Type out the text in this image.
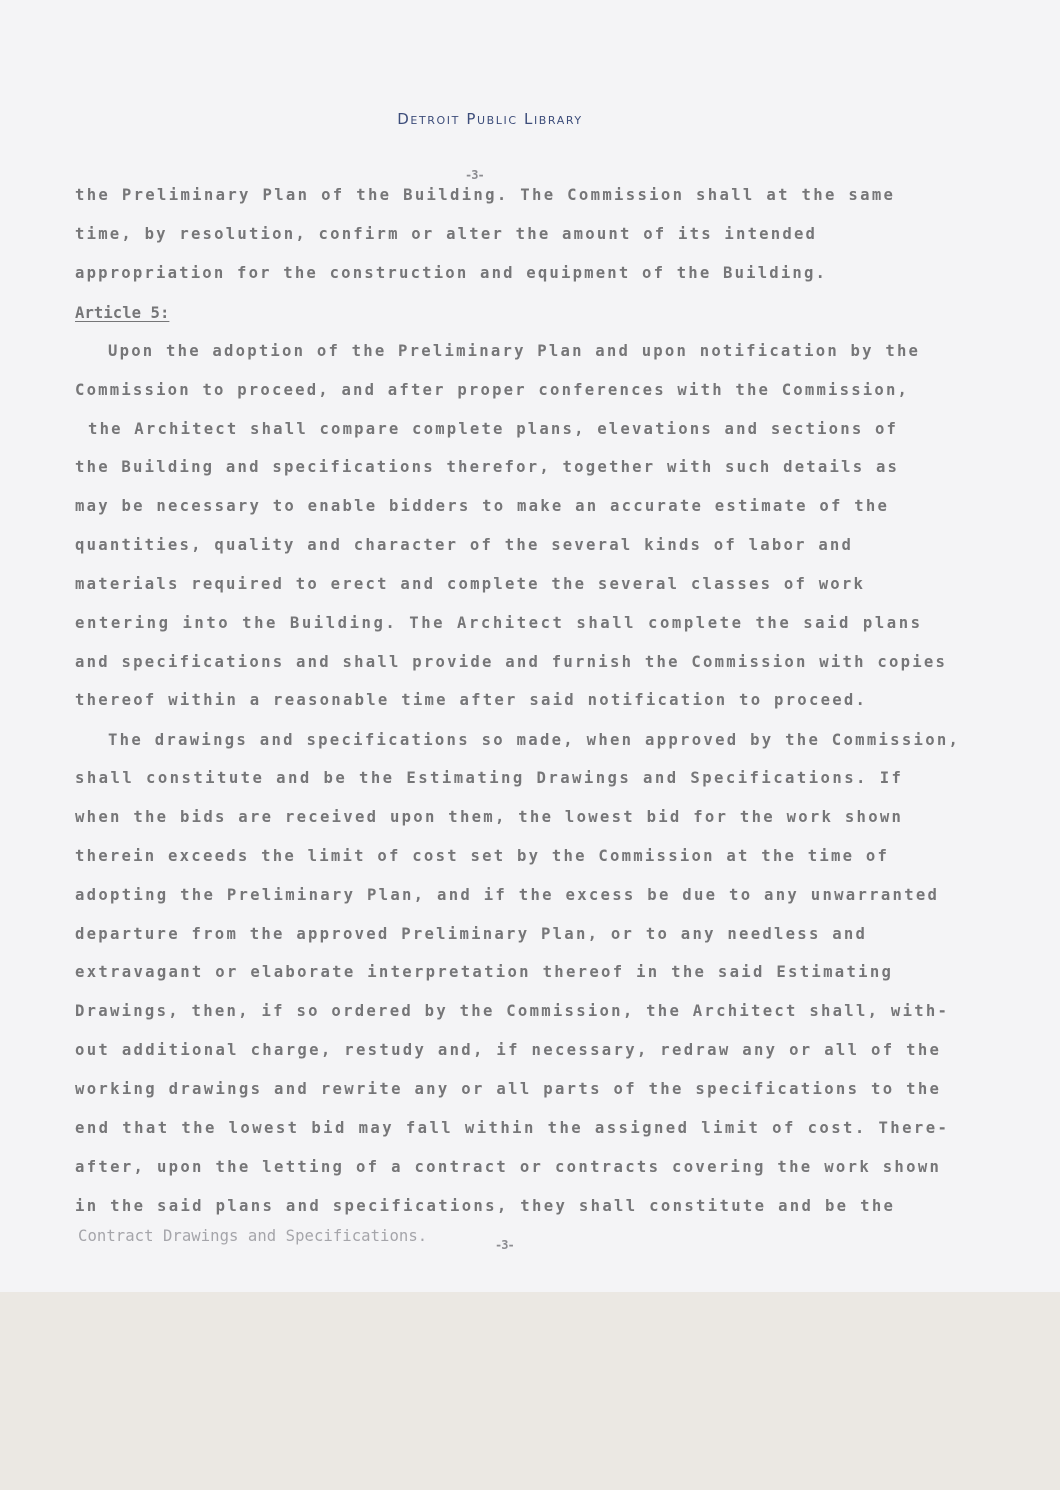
Detroit Public Library
-3-
the Preliminary Plan of the Building. The Commission shall at the same
time, by resolution, confirm or alter the amount of its intended
appropriation for the construction and equipment of the Building.
Article 5:
Upon the adoption of the Preliminary Plan and upon notification by the
Commission to proceed, and after proper conferences with the Commission,
the Architect shall compare complete plans, elevations and sections of
the Building and specifications therefor, together with such details as
may be necessary to enable bidders to make an accurate estimate of the
quantities, quality and character of the several kinds of labor and
materials required to erect and complete the several classes of work
entering into the Building. The Architect shall complete the said plans
and specifications and shall provide and furnish the Commission with copies
thereof within a reasonable time after said notification to proceed.
The drawings and specifications so made, when approved by the Commission,
shall constitute and be the Estimating Drawings and Specifications. If
when the bids are received upon them, the lowest bid for the work shown
therein exceeds the limit of cost set by the Commission at the time of
adopting the Preliminary Plan, and if the excess be due to any unwarranted
departure from the approved Preliminary Plan, or to any needless and
extravagant or elaborate interpretation thereof in the said Estimating
Drawings, then, if so ordered by the Commission, the Architect shall, with-
out additional charge, restudy and, if necessary, redraw any or all of the
working drawings and rewrite any or all parts of the specifications to the
end that the lowest bid may fall within the assigned limit of cost. There-
after, upon the letting of a contract or contracts covering the work shown
in the said plans and specifications, they shall constitute and be the
Contract Drawings and Specifications.	-3-
